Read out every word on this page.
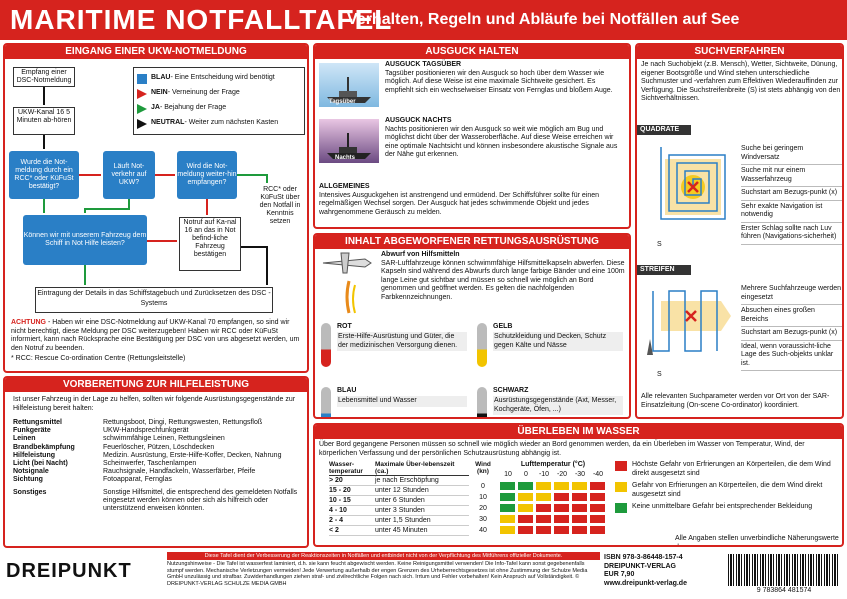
MARITIME NOTFALLTAFEL
Verhalten, Regeln und Abläufe bei Notfällen auf See
EINGANG EINER UKW-NOTMELDUNG
Empfang einer DSC-Notmeldung
UKW-Kanal 16 5 Minuten ab-hören
Wurde die Not-meldung durch ein RCC* oder KüFuSt bestätigt?
Läuft Not-verkehr auf UKW?
Wird die Not-meldung weiter-hin empfangen?
Können wir mit unserem Fahrzeug dem Schiff in Not Hilfe leisten?
Notruf auf Ka-nal 16 an das in Not befind-liche Fahrzeug bestätigen
RCC* oder KüFuSt über den Notfall in Kenntnis setzen
Eintragung der Details in das Schiffstagebuch und Zurücksetzen des DSC - Systems
BLAU - Eine Entscheidung wird benötigt
NEIN - Verneinung der Frage
JA - Bejahung der Frage
NEUTRAL - Weiter zum nächsten Kasten
ACHTUNG - Haben wir eine DSC-Notmeldung auf UKW-Kanal 70 empfangen, so sind wir nicht berechtigt, diese Meldung per DSC weiterzugeben! Haben wir RCC oder KüFuSt informiert, kann nach Rücksprache eine Bestätigung per DSC von uns abgesetzt werden, um den Notruf zu beenden.
* RCC: Rescue Co-ordination Centre (Rettungsleitstelle)
VORBEREITUNG ZUR HILFELEISTUNG
Ist unser Fahrzeug in der Lage zu helfen, sollten wir folgende Ausrüstungsgegenstände zur Hilfeleistung bereit halten:
Rettungsmittel	Rettungsboot, Dingi, Rettungswesten, Rettungsfloß
Funkgeräte	UKW-Handsprechfunkgerät
Leinen	schwimmfähige Leinen, Rettungsleinen
Brandbekämpfung	Feuerlöscher, Pützen, Löschdecken
Hilfeleistung	Medizin. Ausrüstung, Erste-Hilfe-Koffer, Decken, Nahrung
Licht (bei Nacht)	Scheinwerfer, Taschenlampen
Notsignale	Rauchsignale, Handfackeln, Wasserfärber, Pfeife
Sichtung	Fotoapparat, Fernglas
Sonstiges	Sonstige Hilfsmittel, die entsprechend des gemeldeten Notfalls eingesetzt werden können oder sich als hilfreich oder unterstützend erweisen könnten.
AUSGUCK HALTEN
Tagsüber
Nachts
AUSGUCK TAGSÜBER
Tagsüber positionieren wir den Ausguck so hoch über dem Wasser wie möglich. Auf diese Weise ist eine maximale Sichtweite gesichert. Es empfiehlt sich ein wechselweiser Einsatz von Fernglas und bloßem Auge.
AUSGUCK NACHTS
Nachts positionieren wir den Ausguck so weit wie möglich am Bug und möglichst dicht über der Wasseroberfläche. Auf diese Weise erreichen wir eine optimale Nachtsicht und können insbesondere akustische Signale aus der Nähe gut erkennen.
ALLGEMEINES
Intensives Ausguckgehen ist anstrengend und ermüdend. Der Schiffsführer sollte für einen regelmäßigen Wechsel sorgen. Der Ausguck hat jedes schwimmende Objekt und jedes wahrgenommene Geräusch zu melden.
INHALT ABGEWORFENER RETTUNGSAUSRÜSTUNG
Abwurf von Hilfsmitteln
SAR-Luftfahrzeuge können schwimmfähige Hilfsmittelkapseln abwerfen. Diese Kapseln sind während des Abwurfs durch lange farbige Bänder und eine 100m lange Leine gut sichtbar und müssen so schnell wie möglich an Bord genommen und geöffnet werden. Es gelten die nachfolgenden Farbkennzeichnungen.
ROT
Erste-Hilfe-Ausrüstung und Güter, die der medizinischen Versorgung dienen.
GELB
Schutzkleidung und Decken, Schutz gegen Kälte und Nässe
BLAU
Lebensmittel und Wasser
SCHWARZ
Ausrüstungsgegenstände (Axt, Messer, Kochgeräte, Öfen, ...)
SUCHVERFAHREN
Je nach Suchobjekt (z.B. Mensch), Wetter, Sichtweite, Dünung, eigener Bootsgröße und Wind stehen unterschiedliche Suchmuster und -verfahren zum Effektiven Wiederauffinden zur Verfügung. Die Suchstreifenbreite (S) ist stets abhängig von den Sichtverhältnissen.
QUADRATE
S
Suche bei geringem Windversatz
Suche mit nur einem Wasserfahrzeug
Suchstart am Bezugs-punkt (x)
Sehr exakte Navigation ist notwendig
Erster Schlag sollte nach Luv führen (Navigations-sicherheit)
STREIFEN
S
Mehrere Suchfahrzeuge werden eingesetzt
Absuchen eines großen Bereichs
Suchstart am Bezugs-punkt (x)
Ideal, wenn voraussicht-liche Lage des Such-objekts unklar ist.
Alle relevanten Suchparameter werden vor Ort von der SAR-Einsatzleitung (On-scene Co-ordinator) koordiniert.
ÜBERLEBEN IM WASSER
Über Bord gegangene Personen müssen so schnell wie möglich wieder an Bord genommen werden, da ein Überleben im Wasser von Temperatur, Wind, der körperlichen Verfassung und der persönlichen Schutzausrüstung abhängig ist.
Wasser-temperatur
Maximale Über-lebenszeit (ca.)
> 20	je nach Erschöpfung
15 - 20	unter 12 Stunden
10 - 15	unter 6 Stunden
4 - 10	unter 3 Stunden
2 - 4	unter 1,5 Stunden
< 2	unter 45 Minuten
Wind (kn)
Lufttemperatur (°C)
10	0	-10	-20	-30	-40
0
10
20
30
40
Höchste Gefahr von Erfrierungen an Körperteilen, die dem Wind direkt ausgesetzt sind
Gefahr von Erfrierungen an Körperteilen, die dem Wind direkt ausgesetzt sind
Keine unmittelbare Gefahr bei entsprechender Bekleidung
Alle Angaben stellen unverbindliche Näherungswerte dar.
DREIPUNKT
Diese Tafel dient der Verbesserung der Reaktionszeiten in Notfällen und entbindet nicht von der Verpflichtung des Mitführens offizieller Dokumente.
Nutzungshinweise - Die Tafel ist wasserfest laminiert, d.h. sie kann feucht abgewischt werden. Keine Reinigungsmittel verwenden! Die Info-Tafel kann sonst gegebenenfalls stumpf werden. Mechanische Verletzungen vermeiden! Jede Verwertung außerhalb der engen Grenzen des Urheberrechtsgesetzes ist ohne Zustimmung der Schulze Media GmbH unzulässig und strafbar. Zuwiderhandlungen ziehen straf- und zivilrechtliche Folgen nach sich. Irrtum und Fehler vorbehalten! Kein Anspruch auf Vollständigkeit. © DREIPUNKT-VERLAG SCHULZE MEDIA GMBH
ISBN 978-3-86448-157-4
DREIPUNKT-VERLAG
EUR 7,90
www.dreipunkt-verlag.de
9 783864 481574
